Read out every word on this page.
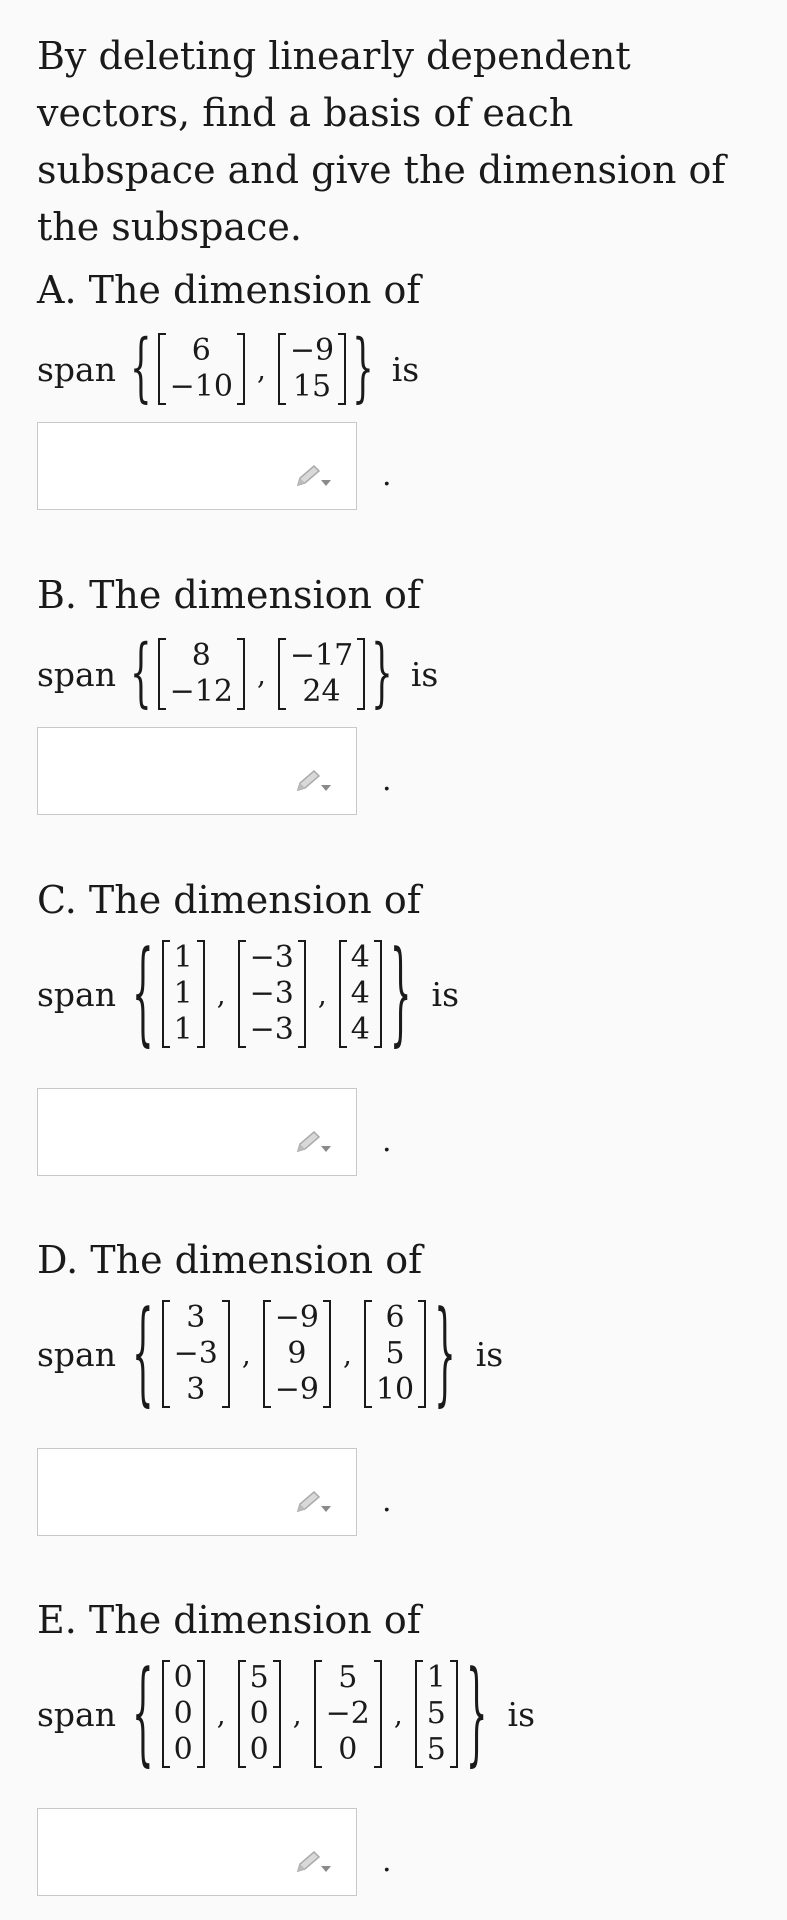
By deleting linearly dependent vectors, find a basis of each subspace and give the dimension of the subspace.

A. The dimension of
span {	6
−10 ,
−9
15 } is
.
B. The dimension of
span {	8
−12 ,
−17
24 } is
.
C. The dimension of
span { 1
1
1
,
−3
−3
−3
,
4
4
4 } is
.
D. The dimension of
span {	3
−3
3
,
−9
9
−9
,
6
5
10 } is
.
E. The dimension of
span { 0
0
0
,
5
0
0
,
5
−2
0
,
1
5
5 } is
.
